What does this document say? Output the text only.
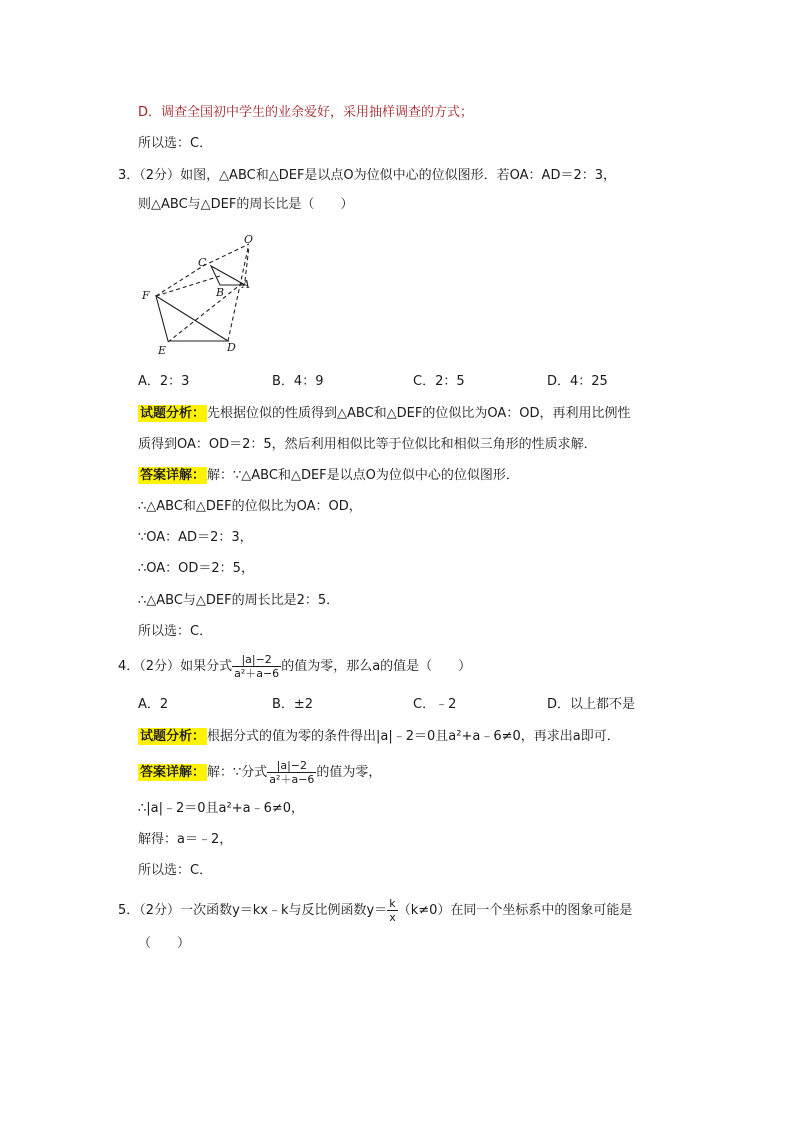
D．调查全国初中学生的业余爱好，采用抽样调查的方式；
所以选：C．
3．（2分）如图，△ABC和△DEF是以点O为位似中心的位似图形．若OA：AD＝2：3，
则△ABC与△DEF的周长比是（　　）
O
C
B
A
F
E	D
A．2：3	B．4：9	C．2：5	D．4：25
试题分析： 先根据位似的性质得到△ABC和△DEF的位似比为OA：OD，再利用比例性
质得到OA：OD＝2：5，然后利用相似比等于位似比和相似三角形的性质求解．
答案详解： 解：∵△ABC和△DEF是以点O为位似中心的位似图形．
∴△ABC和△DEF的位似比为OA：OD，
∵OA：AD＝2：3，
∴OA：OD＝2：5，
∴△ABC与△DEF的周长比是2：5．
所以选：C．
4．（2分）如果分式 $\frac{|a|-2}{\text{a²＋a−6}}$ 的值为零，那么a的值是（　　）
A．2	B．±2	C．﹣2	D．以上都不是
试题分析： 根据分式的值为零的条件得出|a|﹣2＝0且a²+a﹣6≠0，再求出a即可．
答案详解： 解：∵分式 $\frac{|a|-2}{\text{a²＋a−6}}$ 的值为零，
∴|a|﹣2＝0且a²+a﹣6≠0，
解得：a＝﹣2，
所以选：C．
5．（2分）一次函数y＝kx﹣k与反比例函数$y= \frac{k}{x} (k\ne 0)$在同一个坐标系中的图象可能是
（　　）
